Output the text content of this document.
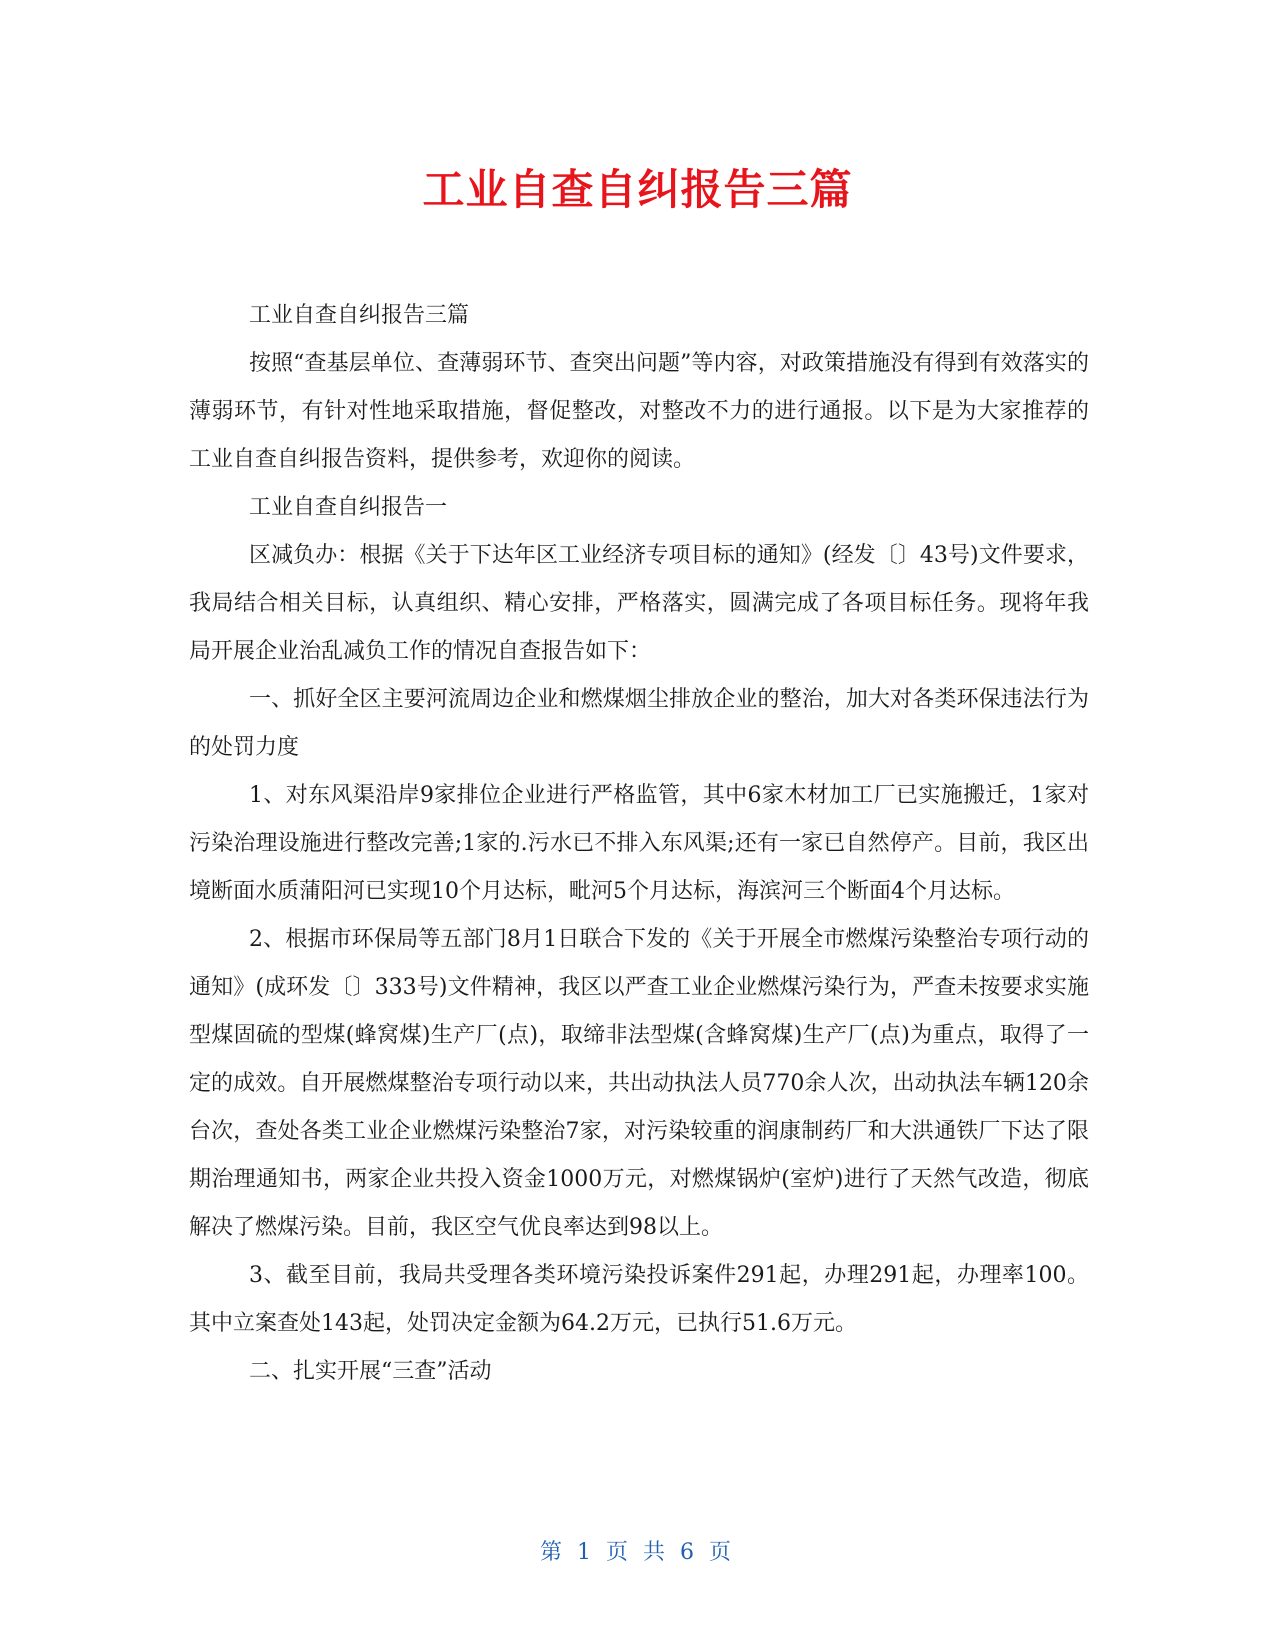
工业自查自纠报告三篇

工业自查自纠报告三篇

按照“查基层单位、查薄弱环节、查突出问题”等内容，对政策措施没有得到有效落实的薄弱环节，有针对性地采取措施，督促整改，对整改不力的进行通报。以下是为大家推荐的工业自查自纠报告资料，提供参考，欢迎你的阅读。

工业自查自纠报告一

区减负办：根据《关于下达年区工业经济专项目标的通知》(经发〔〕43号)文件要求，我局结合相关目标，认真组织、精心安排，严格落实，圆满完成了各项目标任务。现将年我局开展企业治乱减负工作的情况自查报告如下：

一、抓好全区主要河流周边企业和燃煤烟尘排放企业的整治，加大对各类环保违法行为的处罚力度

1、对东风渠沿岸9家排位企业进行严格监管，其中6家木材加工厂已实施搬迁，1家对污染治理设施进行整改完善;1家的.污水已不排入东风渠;还有一家已自然停产。目前，我区出境断面水质蒲阳河已实现10个月达标，毗河5个月达标，海滨河三个断面4个月达标。

2、根据市环保局等五部门8月1日联合下发的《关于开展全市燃煤污染整治专项行动的通知》(成环发〔〕333号)文件精神，我区以严查工业企业燃煤污染行为，严查未按要求实施型煤固硫的型煤(蜂窝煤)生产厂(点)，取缔非法型煤(含蜂窝煤)生产厂(点)为重点，取得了一定的成效。自开展燃煤整治专项行动以来，共出动执法人员770余人次，出动执法车辆120余台次，查处各类工业企业燃煤污染整治7家，对污染较重的润康制药厂和大洪通铁厂下达了限期治理通知书，两家企业共投入资金1000万元，对燃煤锅炉(室炉)进行了天然气改造，彻底解决了燃煤污染。目前，我区空气优良率达到98以上。

3、截至目前，我局共受理各类环境污染投诉案件291起，办理291起，办理率100。其中立案查处143起，处罚决定金额为64.2万元，已执行51.6万元。

二、扎实开展“三查”活动

第 1 页 共 6 页
